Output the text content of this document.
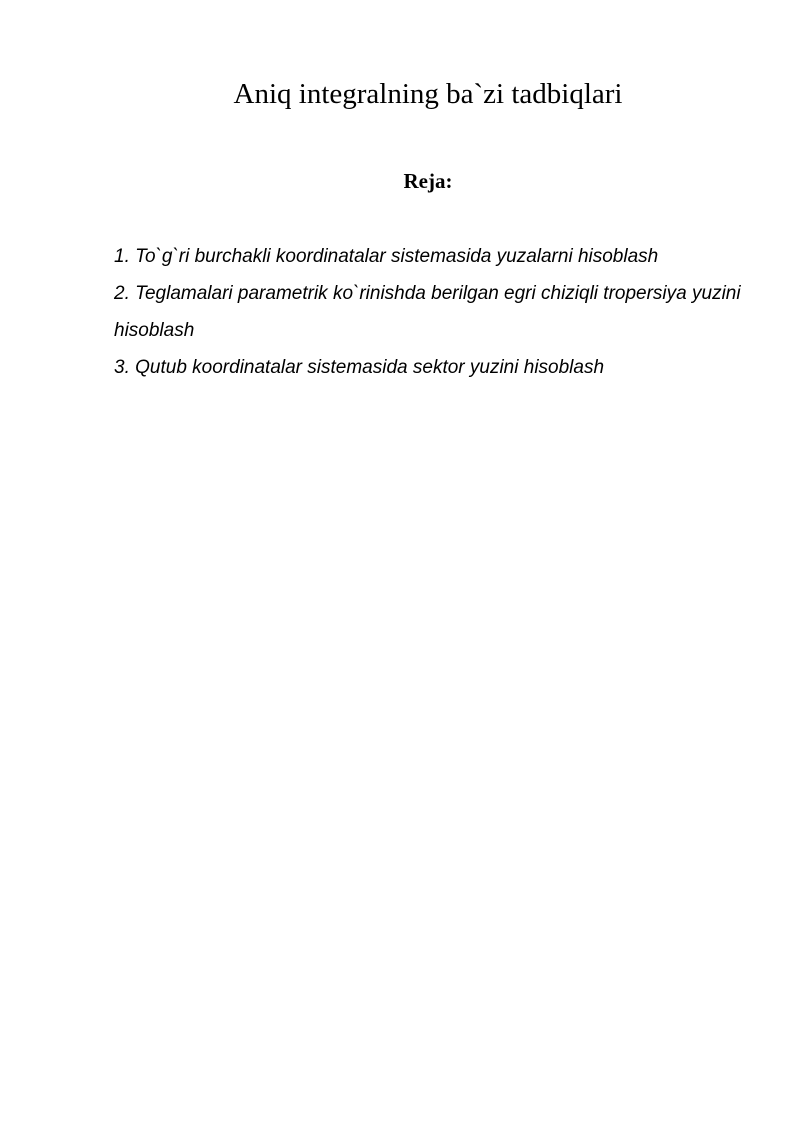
Aniq integralning ba`zi tadbiqlari
Reja:
1. To`g`ri burchakli koordinatalar sistemasida yuzalarni hisoblash
2. Teglamalari parametrik ko`rinishda berilgan egri chiziqli tropersiya yuzini hisoblash
3. Qutub koordinatalar sistemasida sektor yuzini hisoblash
